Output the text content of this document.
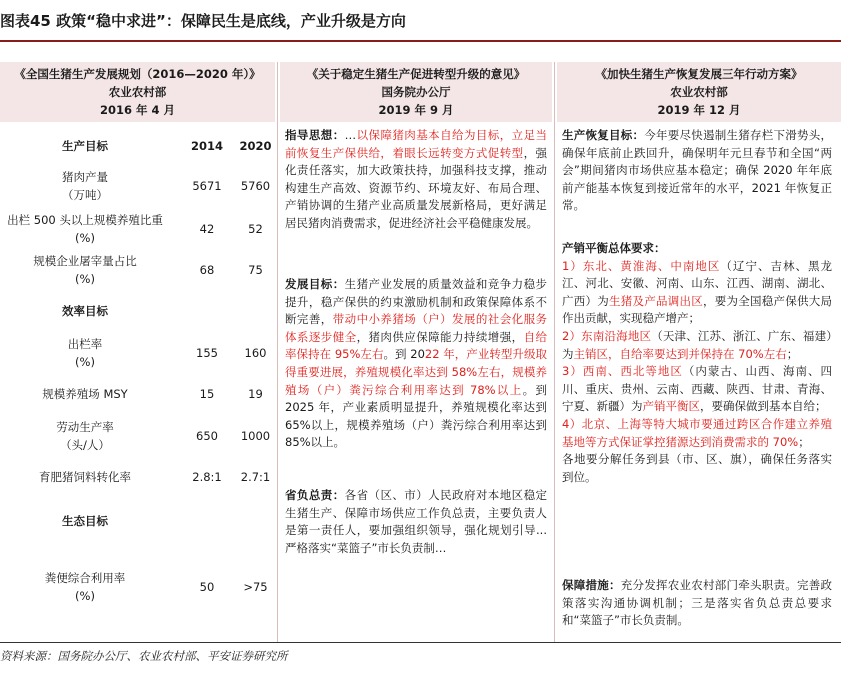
图表45 政策“稳中求进”：保障民生是底线，产业升级是方向
《全国生猪生产发展规划（2016—2020 年）》
农业农村部
2016 年 4 月
《关于稳定生猪生产促进转型升级的意见》
国务院办公厅
2019 年 9 月
《加快生猪生产恢复发展三年行动方案》
农业农村部
2019 年 12 月
生产目标	2014	2020
猪肉产量
（万吨）
5671	5760
出栏 500 头以上规模养殖比重
(%)
42	52
规模企业屠宰量占比
(%)
68	75
效率目标
出栏率
(%)
155	160
规模养殖场 MSY	15	19
劳动生产率
（头/人）
650	1000
育肥猪饲料转化率	2.8:1	2.7:1
生态目标
粪便综合利用率
(%)
50	>75
指导思想：…以保障猪肉基本自给为目标，立足当前恢复生产保供给，着眼长远转变方式促转型，强化责任落实，加大政策扶持，加强科技支撑，推动构建生产高效、资源节约、环境友好、布局合理、产销协调的生猪产业高质量发展新格局，更好满足居民猪肉消费需求，促进经济社会平稳健康发展。
发展目标：生猪产业发展的质量效益和竞争力稳步提升，稳产保供的约束激励机制和政策保障体系不断完善，带动中小养猪场（户）发展的社会化服务体系逐步健全，猪肉供应保障能力持续增强，自给率保持在 95%左右。到 2022 年，产业转型升级取得重要进展，养殖规模化率达到 58%左右，规模养殖场（户）粪污综合利用率达到 78%以上。到 2025 年，产业素质明显提升，养殖规模化率达到 65%以上，规模养殖场（户）粪污综合利用率达到 85%以上。
省负总责：各省（区、市）人民政府对本地区稳定生猪生产、保障市场供应工作负总责，主要负责人是第一责任人，要加强组织领导，强化规划引导...严格落实“菜篮子”市长负责制…
生产恢复目标：今年要尽快遏制生猪存栏下滑势头，确保年底前止跌回升，确保明年元旦春节和全国“两会”期间猪肉市场供应基本稳定；确保 2020 年年底前产能基本恢复到接近常年的水平，2021 年恢复正常。
产销平衡总体要求：
1）东北、黄淮海、中南地区（辽宁、吉林、黑龙江、河北、安徽、河南、山东、江西、湖南、湖北、广西）为生猪及产品调出区，要为全国稳产保供大局作出贡献，实现稳产增产；
2）东南沿海地区（天津、江苏、浙江、广东、福建）为主销区，自给率要达到并保持在 70%左右；
3）西南、西北等地区（内蒙古、山西、海南、四川、重庆、贵州、云南、西藏、陕西、甘肃、青海、宁夏、新疆）为产销平衡区，要确保做到基本自给；
4）北京、上海等特大城市要通过跨区合作建立养殖基地等方式保证掌控猪源达到消费需求的 70%；
各地要分解任务到县（市、区、旗），确保任务落实到位。
保障措施：充分发挥农业农村部门牵头职责。完善政策落实沟通协调机制；三是落实省负总责总要求和“菜篮子”市长负责制。
资料来源：国务院办公厅、农业农村部、平安证券研究所
